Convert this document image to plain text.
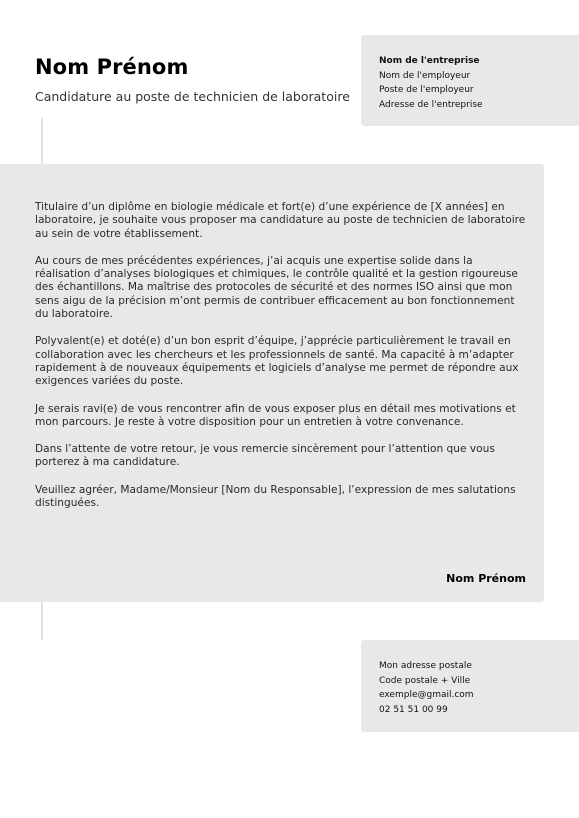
Nom Prénom

Candidature au poste de technicien de laboratoire

Nom de l'entreprise
Nom de l'employeur
Poste de l'employeur
Adresse de l'entreprise

Titulaire d’un diplôme en biologie médicale et fort(e) d’une expérience de [X années] en laboratoire, je souhaite vous proposer ma candidature au poste de technicien de laboratoire au sein de votre établissement.

Au cours de mes précédentes expériences, j’ai acquis une expertise solide dans la réalisation d’analyses biologiques et chimiques, le contrôle qualité et la gestion rigoureuse des échantillons. Ma maîtrise des protocoles de sécurité et des normes ISO ainsi que mon sens aigu de la précision m’ont permis de contribuer efficacement au bon fonctionnement du laboratoire.

Polyvalent(e) et doté(e) d’un bon esprit d’équipe, j’apprécie particulièrement le travail en collaboration avec les chercheurs et les professionnels de santé. Ma capacité à m’adapter rapidement à de nouveaux équipements et logiciels d’analyse me permet de répondre aux exigences variées du poste.

Je serais ravi(e) de vous rencontrer afin de vous exposer plus en détail mes motivations et mon parcours. Je reste à votre disposition pour un entretien à votre convenance.

Dans l’attente de votre retour, je vous remercie sincèrement pour l’attention que vous porterez à ma candidature.

Veuillez agréer, Madame/Monsieur [Nom du Responsable], l’expression de mes salutations distinguées.

Nom Prénom
Mon adresse postale
Code postale + Ville
exemple@gmail.com
02 51 51 00 99
